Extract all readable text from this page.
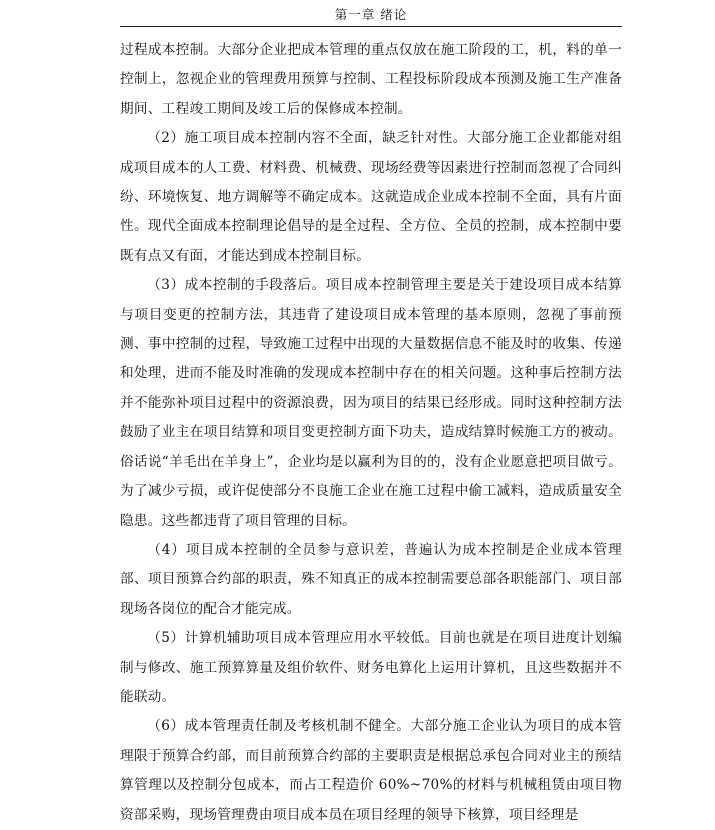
第一章 绪论

过程成本控制。大部分企业把成本管理的重点仅放在施工阶段的工，机，料的单一控制上，忽视企业的管理费用预算与控制、工程投标阶段成本预测及施工生产准备期间、工程竣工期间及竣工后的保修成本控制。

（2）施工项目成本控制内容不全面，缺乏针对性。大部分施工企业都能对组成项目成本的人工费、材料费、机械费、现场经费等因素进行控制而忽视了合同纠纷、环境恢复、地方调解等不确定成本。这就造成企业成本控制不全面，具有片面性。现代全面成本控制理论倡导的是全过程、全方位、全员的控制，成本控制中要既有点又有面，才能达到成本控制目标。

（3）成本控制的手段落后。项目成本控制管理主要是关于建设项目成本结算与项目变更的控制方法，其违背了建设项目成本管理的基本原则，忽视了事前预测、事中控制的过程，导致施工过程中出现的大量数据信息不能及时的收集、传递和处理，进而不能及时准确的发现成本控制中存在的相关问题。这种事后控制方法并不能弥补项目过程中的资源浪费，因为项目的结果已经形成。同时这种控制方法鼓励了业主在项目结算和项目变更控制方面下功夫，造成结算时候施工方的被动。俗话说“羊毛出在羊身上”，企业均是以赢利为目的的，没有企业愿意把项目做亏。为了减少亏损，或许促使部分不良施工企业在施工过程中偷工减料，造成质量安全隐患。这些都违背了项目管理的目标。

（4）项目成本控制的全员参与意识差，普遍认为成本控制是企业成本管理部、项目预算合约部的职责，殊不知真正的成本控制需要总部各职能部门、项目部现场各岗位的配合才能完成。

（5）计算机辅助项目成本管理应用水平较低。目前也就是在项目进度计划编制与修改、施工预算算量及组价软件、财务电算化上运用计算机，且这些数据并不能联动。

（6）成本管理责任制及考核机制不健全。大部分施工企业认为项目的成本管理限于预算合约部，而目前预算合约部的主要职责是根据总承包合同对业主的预结算管理以及控制分包成本，而占工程造价 60%~70%的材料与机械租赁由项目物资部采购，现场管理费由项目成本员在项目经理的领导下核算，项目经理是
